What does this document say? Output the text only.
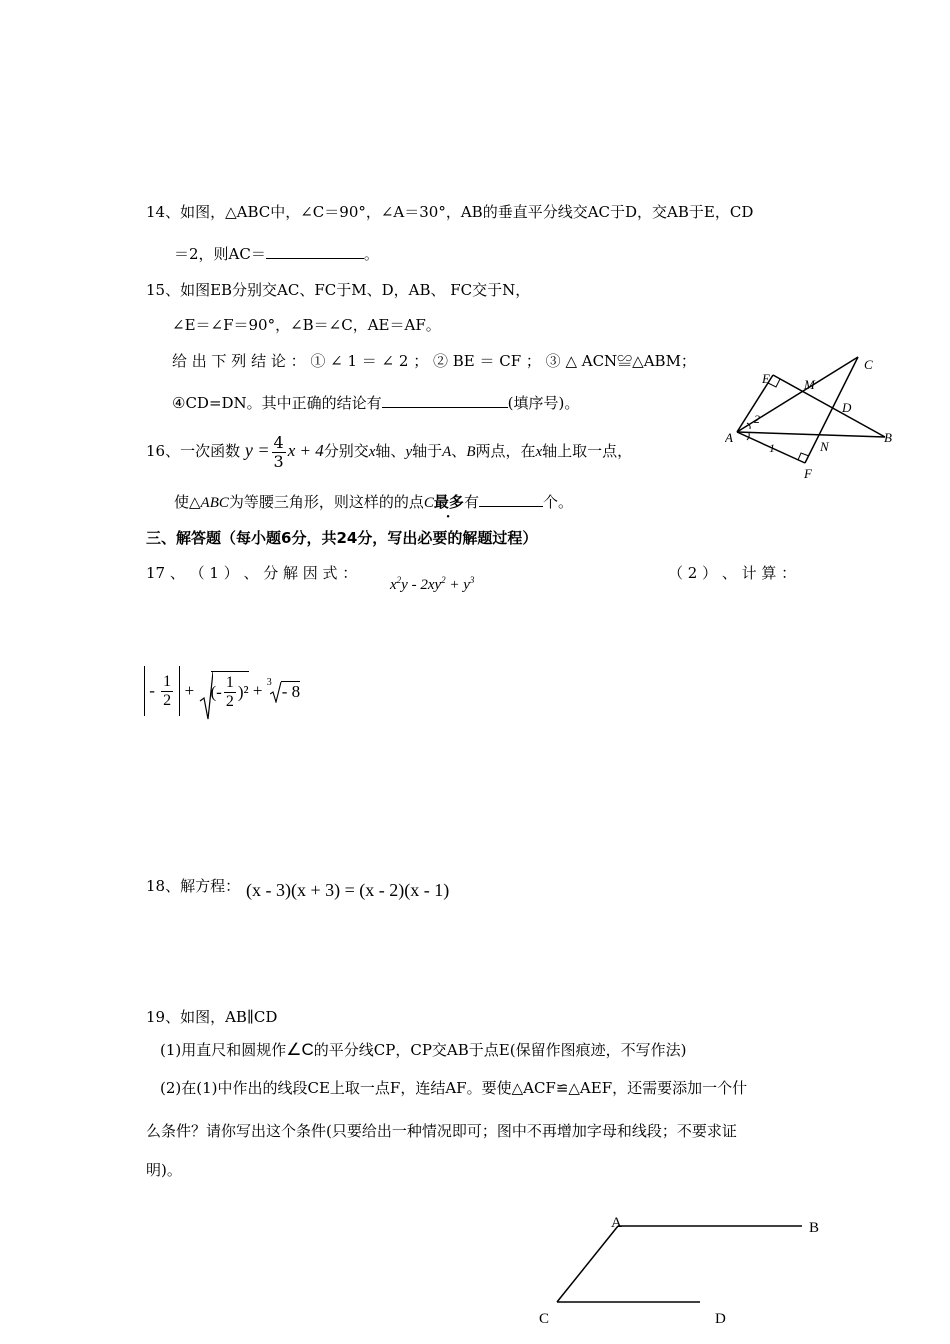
14、如图，△ABC中，∠C＝90°，∠A＝30°，AB的垂直平分线交AC于D，交AB于E，CD
＝2，则AC＝	。
15、如图EB分别交AC、FC于M、D，AB、 FC交于N，
∠E＝∠F＝90°，∠B＝∠C，AE＝AF。
给 出 下 列 结 论 ： ① ∠ 1 ＝ ∠ 2 ； ② BE ＝ CF ； ③ △ ACN≌△ABM；
④CD=DN。其中正确的结论有	(填序号)。
C
E	M
D
A	B
N
F
1
2
16、一次函数 $y = \frac{4}{3}$ x + 4分别交x轴、y轴于A、B两点，在x轴上取一点，
使△ABC为等腰三角形，则这样的的点C最多有	个。
三、解答题（每小题6分，共24分，写出必要的解题过程）
17 、 （ 1 ） 、 分 解 因 式 ：
$x^2y - 2xy^2 + y^3$	（ 2 ） 、 计 算 ：
- $\frac{1}{2}$ + (- $\frac{1}{2} )^2 + 3 - 8$
18、解方程： (x - 3)(x + 3) = (x - 2)(x - 1)
19、如图，AB∥CD
(1)用直尺和圆规作∠C的平分线CP，CP交AB于点E(保留作图痕迹，不写作法)
(2)在(1)中作出的线段CE上取一点F，连结AF。要使△ACF≌△AEF，还需要添加一个什
么条件？请你写出这个条件(只要给出一种情况即可；图中不再增加字母和线段；不要求证
明)。
A	B
C	D
